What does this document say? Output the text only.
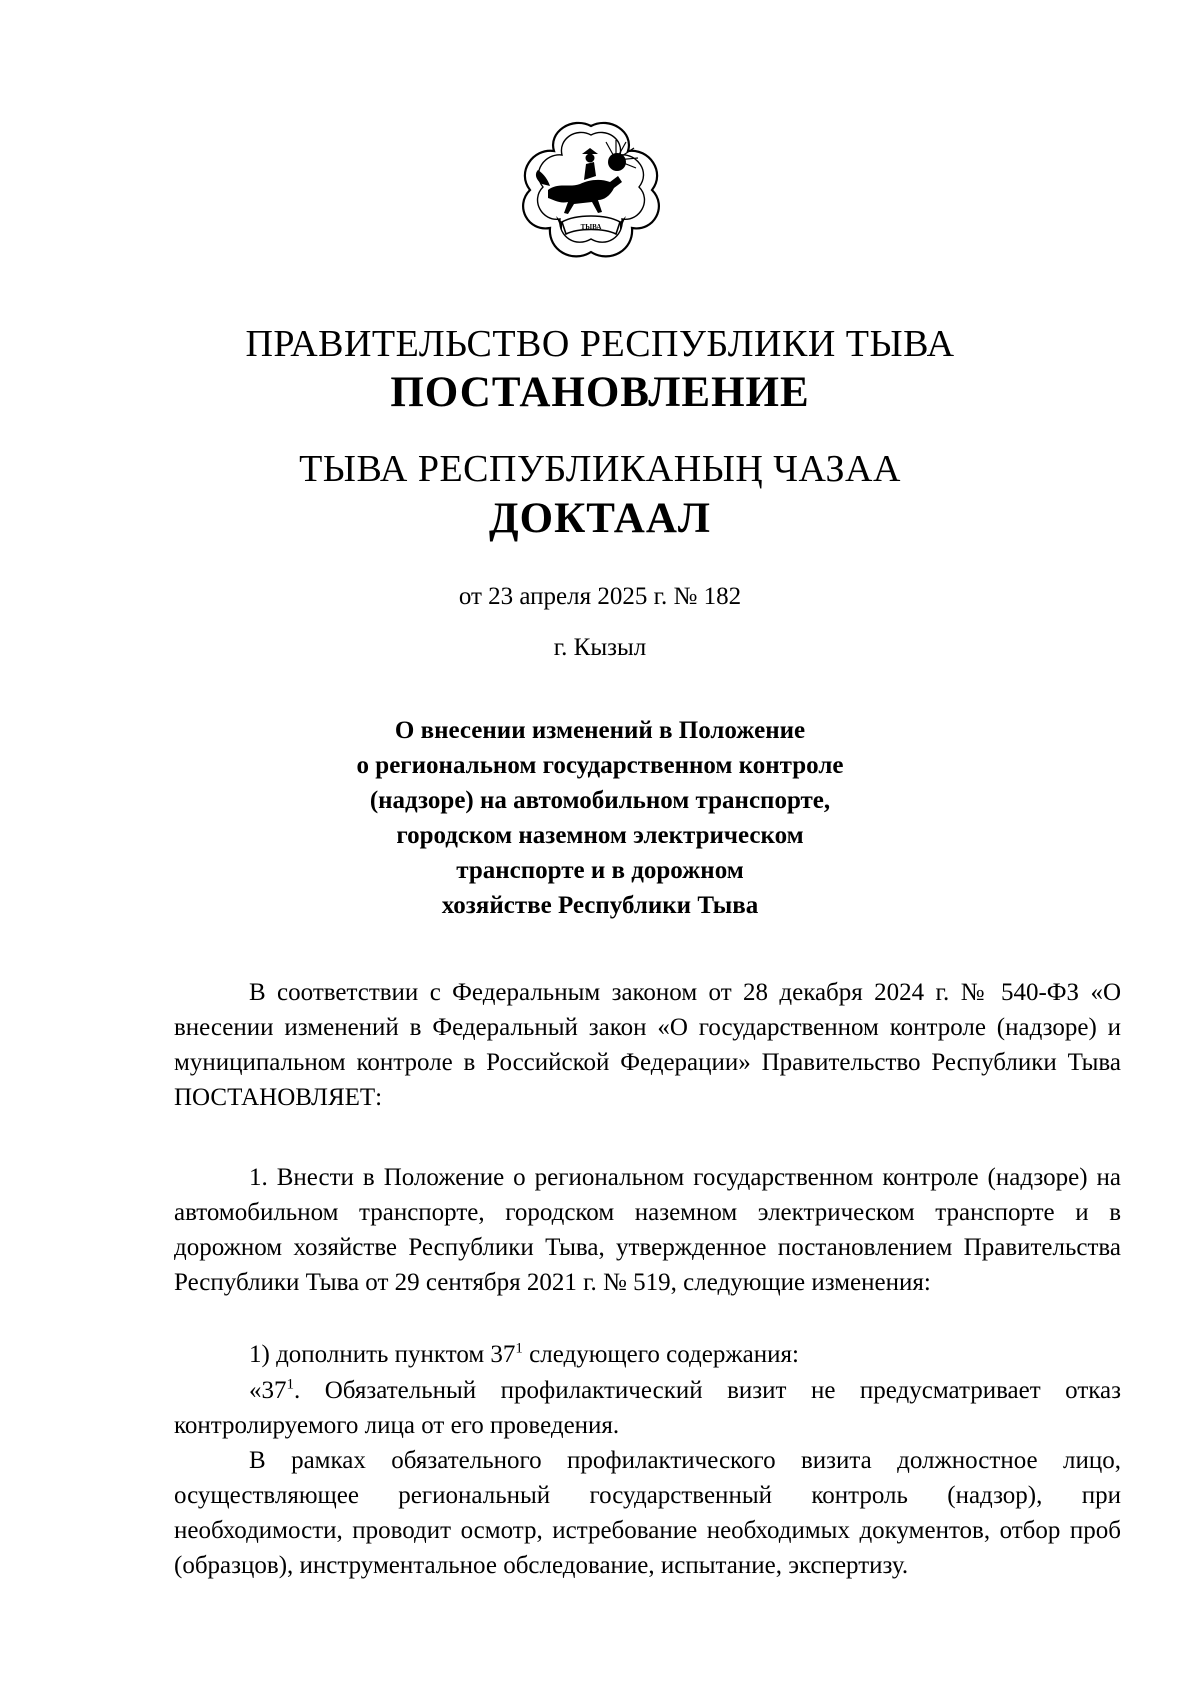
ТЫВА
ПРАВИТЕЛЬСТВО РЕСПУБЛИКИ ТЫВА
ПОСТАНОВЛЕНИЕ
ТЫВА РЕСПУБЛИКАНЫҢ ЧАЗАА
ДОКТААЛ
от 23 апреля 2025 г. № 182
г. Кызыл
О внесении изменений в Положение
о региональном государственном контроле
(надзоре) на автомобильном транспорте,
городском наземном электрическом
транспорте и в дорожном
хозяйстве Республики Тыва

В соответствии с Федеральным законом от 28 декабря 2024 г. № 540-ФЗ «О внесении изменений в Федеральный закон «О государственном контроле (надзоре) и муниципальном контроле в Российской Федерации» Правительство Республики Тыва ПОСТАНОВЛЯЕТ:

1. Внести в Положение о региональном государственном контроле (надзоре) на автомобильном транспорте, городском наземном электрическом транспорте и в дорожном хозяйстве Республики Тыва, утвержденное постановлением Правительства Республики Тыва от 29 сентября 2021 г. № 519, следующие изменения:

1) дополнить пунктом $37^1$ следующего содержания:

«$37^1$. Обязательный профилактический визит не предусматривает отказ контролируемого лица от его проведения.

В рамках обязательного профилактического визита должностное лицо, осуществляющее региональный государственный контроль (надзор), при необходимости, проводит осмотр, истребование необходимых документов, отбор проб (образцов), инструментальное обследование, испытание, экспертизу.
